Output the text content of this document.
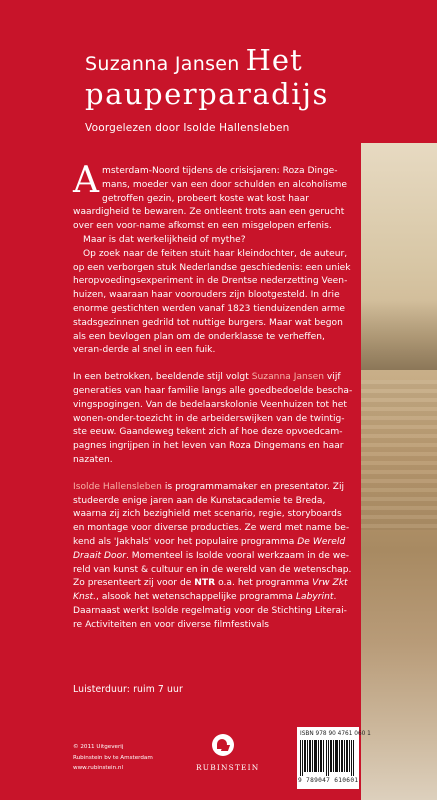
Suzanna Jansen Het
pauperparadijs
Voorgelezen door Isolde Hallensleben

Amsterdam-Noord tijdens de crisisjaren: Roza Dinge-mans, moeder van een door schulden en alcoholisme getroffen gezin, probeert koste wat kost haar waardigheid te bewaren. Ze ontleent trots aan een gerucht over een voor-name afkomst en een misgelopen erfenis.

Maar is dat werkelijkheid of mythe?

Op zoek naar de feiten stuit haar kleindochter, de auteur, op een verborgen stuk Nederlandse geschiedenis: een uniek heropvoedingsexperiment in de Drentse nederzetting Veen-huizen, waaraan haar voorouders zijn blootgesteld. In drie enorme gestichten werden vanaf 1823 tienduizenden arme stadsgezinnen gedrild tot nuttige burgers. Maar wat begon als een bevlogen plan om de onderklasse te verheffen, veran-derde al snel in een fuik.

In een betrokken, beeldende stijl volgt Suzanna Jansen vijf generaties van haar familie langs alle goedbedoelde bescha-vingspogingen. Van de bedelaarskolonie Veenhuizen tot het wonen-onder-toezicht in de arbeiderswijken van de twintig-ste eeuw. Gaandeweg tekent zich af hoe deze opvoedcam-pagnes ingrijpen in het leven van Roza Dingemans en haar nazaten.

Isolde Hallensleben is programmamaker en presentator. Zij studeerde enige jaren aan de Kunstacademie te Breda, waarna zij zich bezighield met scenario, regie, storyboards en montage voor diverse producties. Ze werd met name be-kend als 'Jakhals' voor het populaire programma De Wereld Draait Door. Momenteel is Isolde vooral werkzaam in de we-reld van kunst & cultuur en in de wereld van de wetenschap. Zo presenteert zij voor de NTR o.a. het programma Vrw Zkt Knst., alsook het wetenschappelijke programma Labyrint. Daarnaast werkt Isolde regelmatig voor de Stichting Literai-re Activiteiten en voor diverse filmfestivals

Luisterduur: ruim 7 uur
© 2011 Uitgeverij
Rubinstein bv te Amsterdam
www.rubinstein.nl	RUBINSTEIN
ISBN 978 90 4761 060 1
9 789047 610601
